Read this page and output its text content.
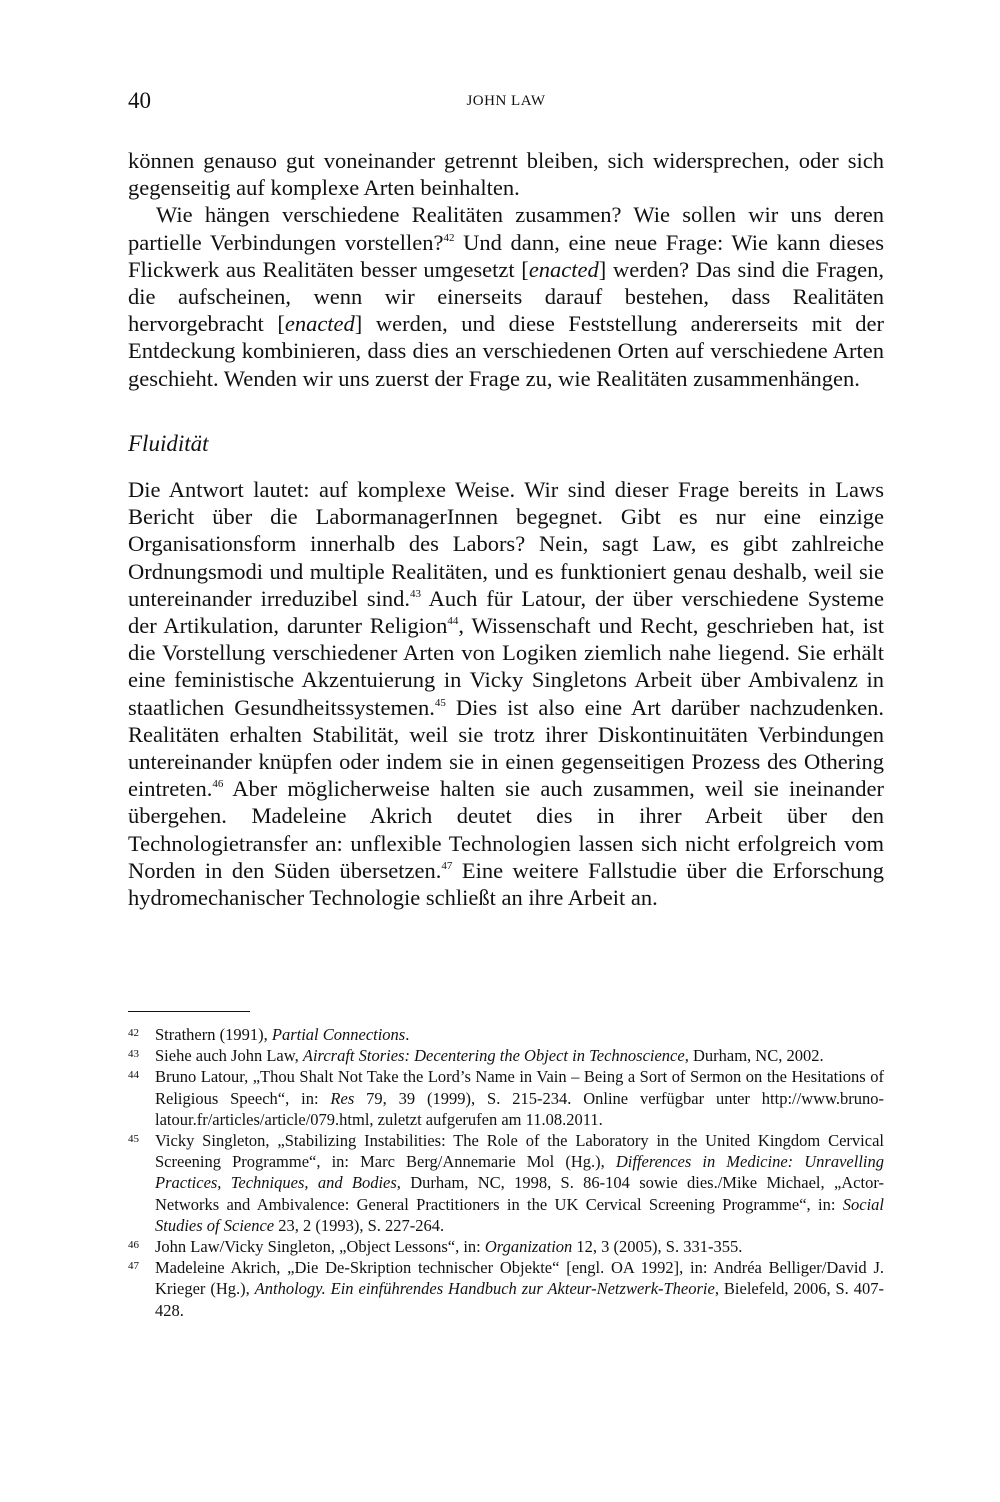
40	JOHN LAW

können genauso gut voneinander getrennt bleiben, sich widersprechen, oder sich gegenseitig auf komplexe Arten beinhalten.

Wie hängen verschiedene Realitäten zusammen? Wie sollen wir uns deren partielle Verbindungen vorstellen?$^{42}$ Und dann, eine neue Frage: Wie kann dieses Flickwerk aus Realitäten besser umgesetzt [enacted] werden? Das sind die Fragen, die aufscheinen, wenn wir einerseits darauf bestehen, dass Realitäten hervorgebracht [enacted] werden, und diese Feststellung andererseits mit der Entdeckung kombinieren, dass dies an verschiedenen Orten auf verschiedene Arten geschieht. Wenden wir uns zuerst der Frage zu, wie Realitäten zusammenhängen.

Fluidität

Die Antwort lautet: auf komplexe Weise. Wir sind dieser Frage bereits in Laws Bericht über die LabormanagerInnen begegnet. Gibt es nur eine einzige Organisationsform innerhalb des Labors? Nein, sagt Law, es gibt zahlreiche Ordnungsmodi und multiple Realitäten, und es funktioniert genau deshalb, weil sie untereinander irreduzibel sind.$^{43}$ Auch für Latour, der über verschiedene Systeme der Artikulation, darunter Religion$^{44}$, Wissenschaft und Recht, geschrieben hat, ist die Vorstellung verschiedener Arten von Logiken ziemlich nahe liegend. Sie erhält eine feministische Akzentuierung in Vicky Singletons Arbeit über Ambivalenz in staatlichen Gesundheitssystemen.$^{45}$ Dies ist also eine Art darüber nachzudenken. Realitäten erhalten Stabilität, weil sie trotz ihrer Diskontinuitäten Verbindungen untereinander knüpfen oder indem sie in einen gegenseitigen Prozess des Othering eintreten.$^{46}$ Aber möglicherweise halten sie auch zusammen, weil sie ineinander übergehen. Madeleine Akrich deutet dies in ihrer Arbeit über den Technologietransfer an: unflexible Technologien lassen sich nicht erfolgreich vom Norden in den Süden übersetzen.$^{47}$ Eine weitere Fallstudie über die Erforschung hydromechanischer Technologie schließt an ihre Arbeit an.

42 Strathern (1991), Partial Connections.
43 Siehe auch John Law, Aircraft Stories: Decentering the Object in Technoscience, Durham, NC, 2002.
44 Bruno Latour, „Thou Shalt Not Take the Lord’s Name in Vain – Being a Sort of Sermon on the Hesitations of Religious Speech“, in: Res 79, 39 (1999), S. 215-234. Online verfügbar unter http://www.bruno-latour.fr/articles/article/079.html, zuletzt aufgerufen am 11.08.2011.
45 Vicky Singleton, „Stabilizing Instabilities: The Role of the Laboratory in the United Kingdom Cervical Screening Programme“, in: Marc Berg/Annemarie Mol (Hg.), Differences in Medicine: Unravelling Practices, Techniques, and Bodies, Durham, NC, 1998, S. 86-104 sowie dies./Mike Michael, „Actor-Networks and Ambivalence: General Practitioners in the UK Cervical Screening Programme“, in: Social Studies of Science 23, 2 (1993), S. 227-264.
46 John Law/Vicky Singleton, „Object Lessons“, in: Organization 12, 3 (2005), S. 331-355.
47 Madeleine Akrich, „Die De-Skription technischer Objekte“ [engl. OA 1992], in: Andréa Belliger/David J. Krieger (Hg.), Anthology. Ein einführendes Handbuch zur Akteur-Netzwerk-Theorie, Bielefeld, 2006, S. 407-428.
